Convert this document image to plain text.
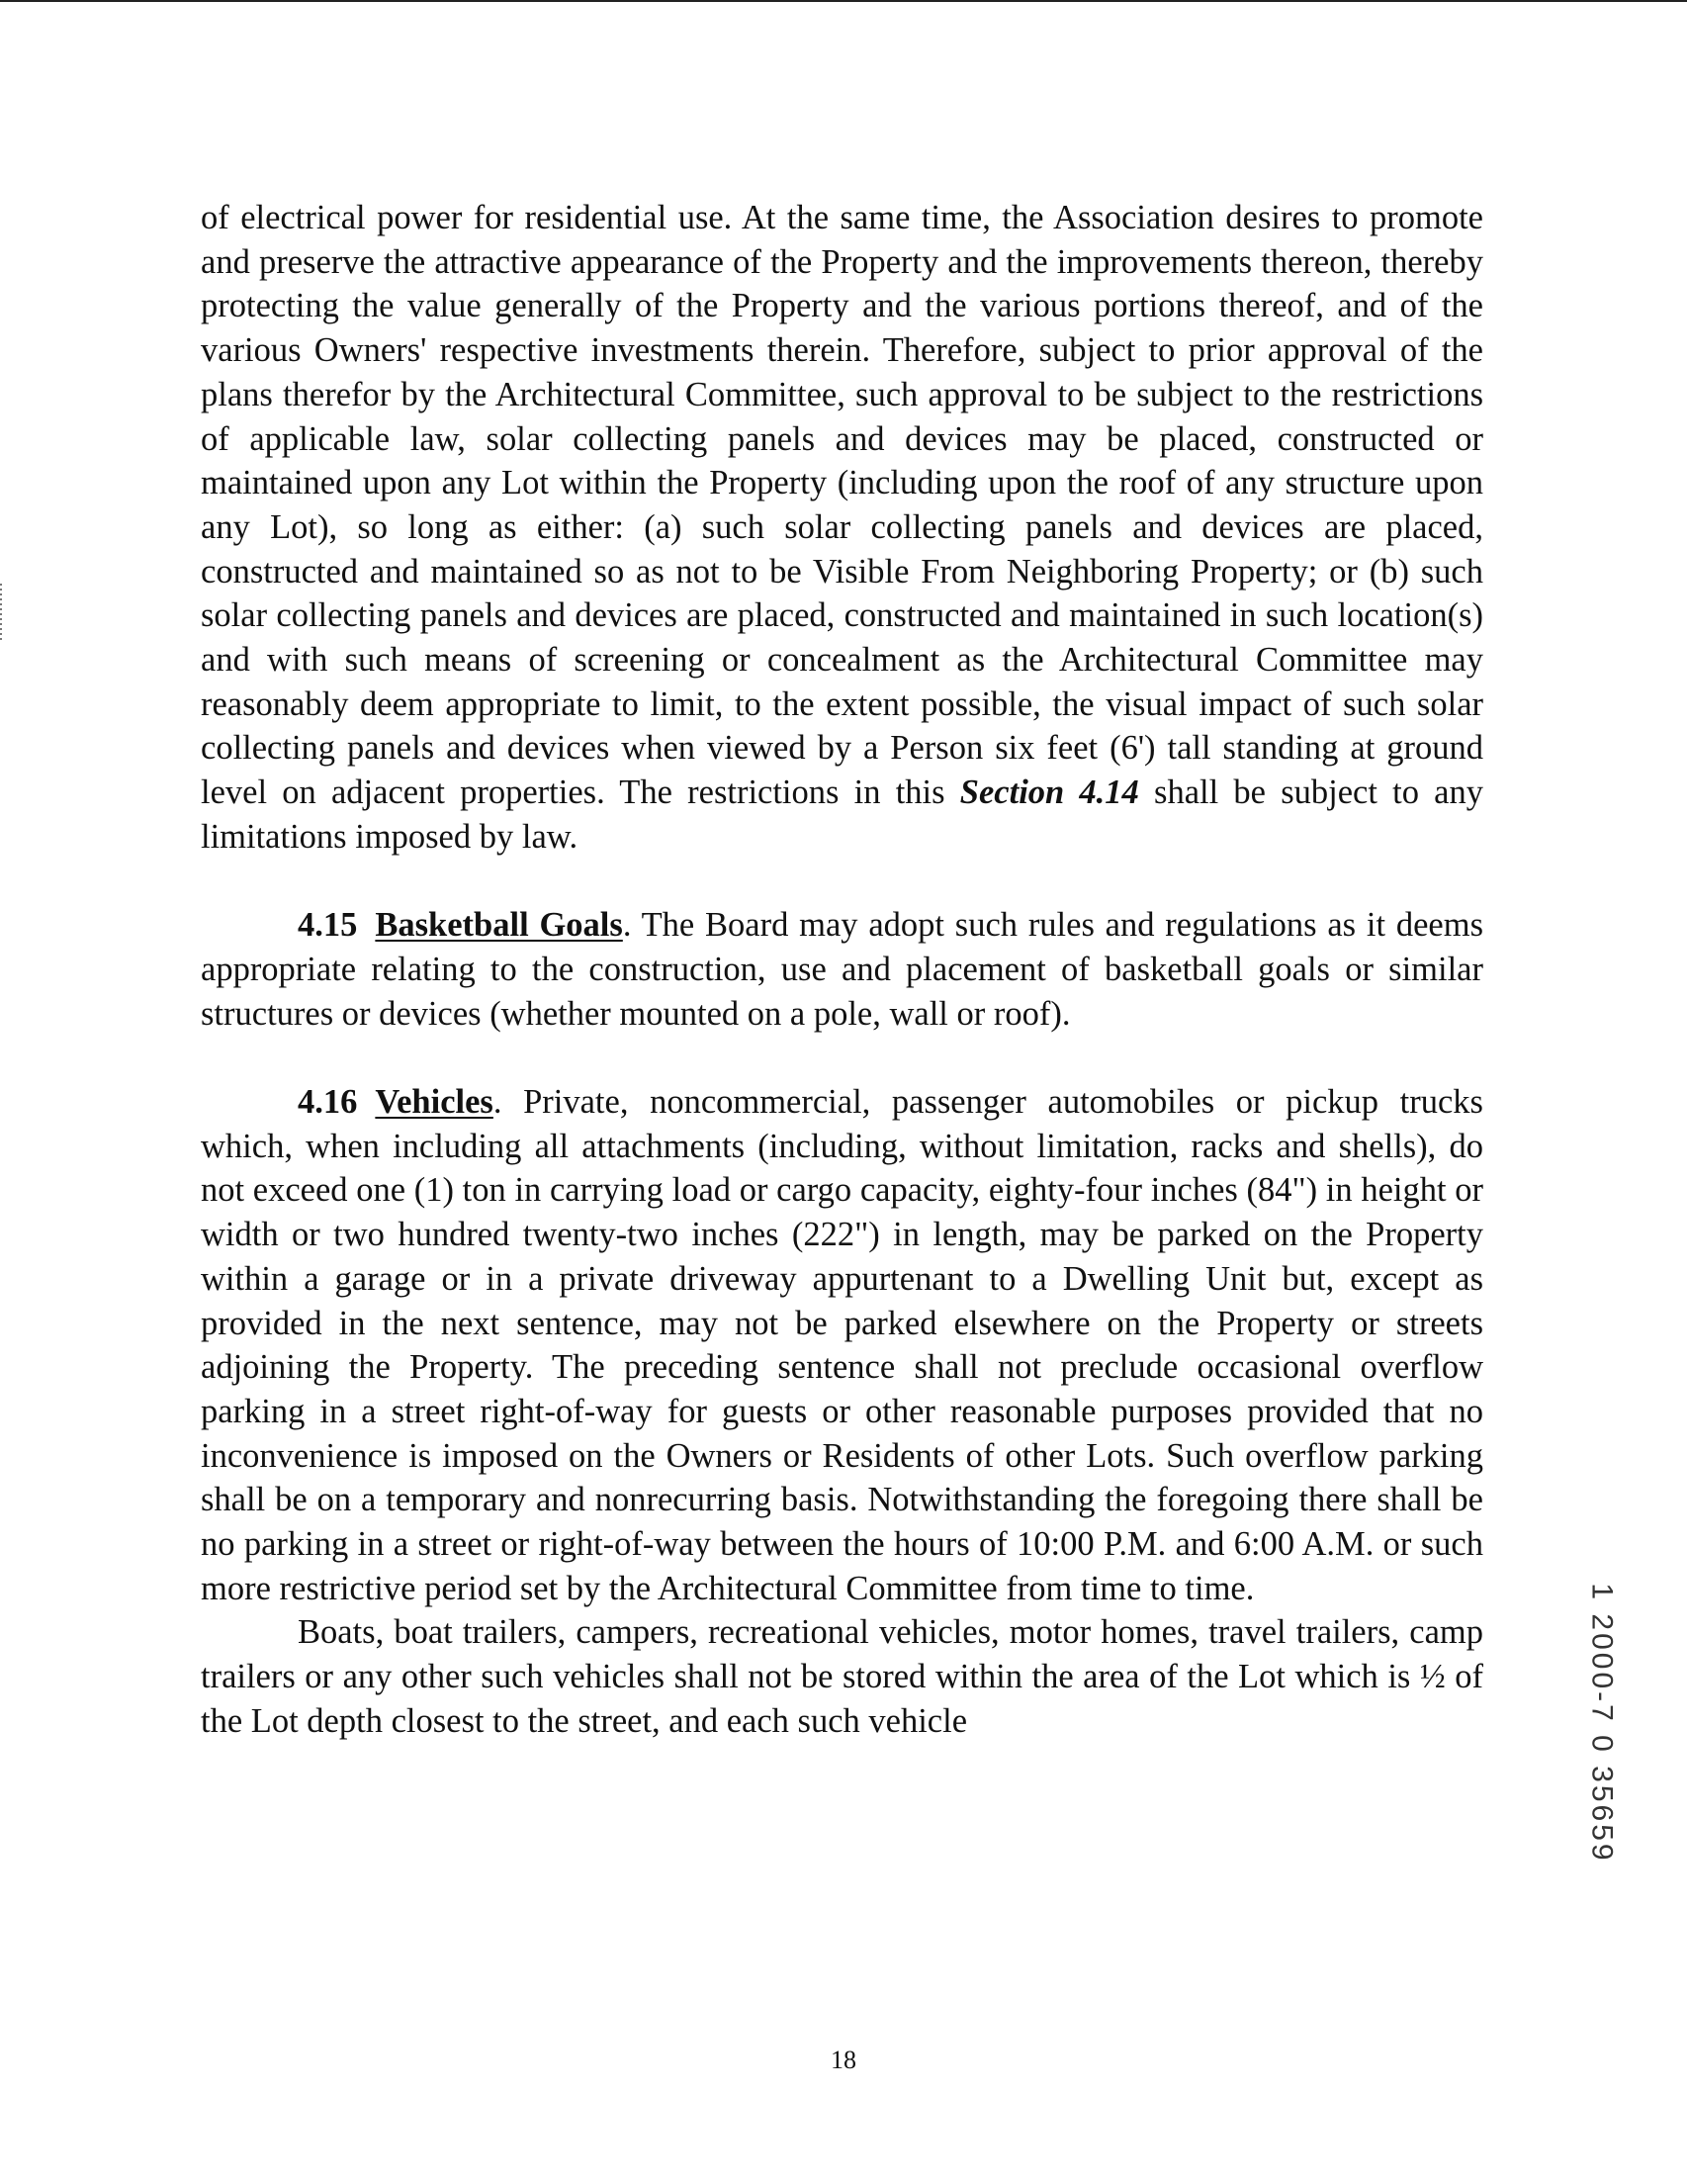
of electrical power for residential use. At the same time, the Association desires to promote and preserve the attractive appearance of the Property and the improvements thereon, thereby protecting the value generally of the Property and the various portions thereof, and of the various Owners' respective investments therein. Therefore, subject to prior approval of the plans therefor by the Architectural Committee, such approval to be subject to the restrictions of applicable law, solar collecting panels and devices may be placed, constructed or maintained upon any Lot within the Property (including upon the roof of any structure upon any Lot), so long as either: (a) such solar collecting panels and devices are placed, constructed and maintained so as not to be Visible From Neighboring Property; or (b) such solar collecting panels and devices are placed, constructed and maintained in such location(s) and with such means of screening or concealment as the Architectural Committee may reasonably deem appropriate to limit, to the extent possible, the visual impact of such solar collecting panels and devices when viewed by a Person six feet (6') tall standing at ground level on adjacent properties. The restrictions in this Section 4.14 shall be subject to any limitations imposed by law.

4.15 Basketball Goals. The Board may adopt such rules and regulations as it deems appropriate relating to the construction, use and placement of basketball goals or similar structures or devices (whether mounted on a pole, wall or roof).

4.16 Vehicles. Private, noncommercial, passenger automobiles or pickup trucks which, when including all attachments (including, without limitation, racks and shells), do not exceed one (1) ton in carrying load or cargo capacity, eighty-four inches (84") in height or width or two hundred twenty-two inches (222") in length, may be parked on the Property within a garage or in a private driveway appurtenant to a Dwelling Unit but, except as provided in the next sentence, may not be parked elsewhere on the Property or streets adjoining the Property. The preceding sentence shall not preclude occasional overflow parking in a street right-of-way for guests or other reasonable purposes provided that no inconvenience is imposed on the Owners or Residents of other Lots. Such overflow parking shall be on a temporary and nonrecurring basis. Notwithstanding the foregoing there shall be no parking in a street or right-of-way between the hours of 10:00 P.M. and 6:00 A.M. or such more restrictive period set by the Architectural Committee from time to time.

Boats, boat trailers, campers, recreational vehicles, motor homes, travel trailers, camp trailers or any other such vehicles shall not be stored within the area of the Lot which is ½ of the Lot depth closest to the street, and each such vehicle	1 2000-7 0 35659
18
